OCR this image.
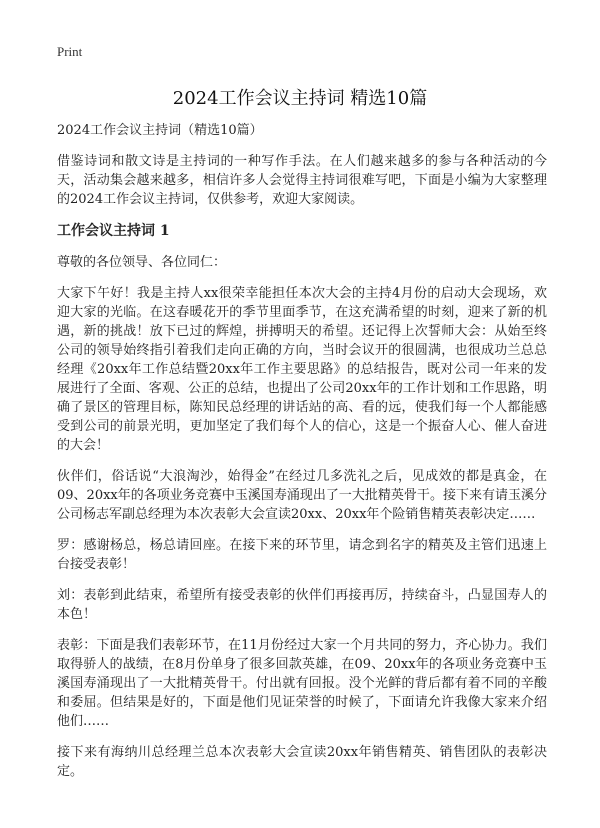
Print
2024工作会议主持词 精选10篇
2024工作会议主持词（精选10篇）

借鉴诗词和散文诗是主持词的一种写作手法。在人们越来越多的参与各种活动的今天，活动集会越来越多，相信许多人会觉得主持词很难写吧，下面是小编为大家整理的2024工作会议主持词，仅供参考，欢迎大家阅读。

工作会议主持词 1

尊敬的各位领导、各位同仁：

大家下午好！我是主持人xx很荣幸能担任本次大会的主持4月份的启动大会现场，欢迎大家的光临。在这春暖花开的季节里面季节，在这充满希望的时刻，迎来了新的机遇，新的挑战！放下已过的辉煌，拼搏明天的希望。还记得上次誓师大会：从始至终公司的领导始终指引着我们走向正确的方向，当时会议开的很圆满，也很成功兰总总经理《20xx年工作总结暨20xx年工作主要思路》的总结报告，既对公司一年来的发展进行了全面、客观、公正的总结，也提出了公司20xx年的工作计划和工作思路，明确了景区的管理目标，陈知民总经理的讲话站的高、看的远，使我们每一个人都能感受到公司的前景光明，更加坚定了我们每个人的信心，这是一个振奋人心、催人奋进的大会！

伙伴们，俗话说“大浪淘沙，始得金”在经过几多洗礼之后，见成效的都是真金，在09、20xx年的各项业务竞赛中玉溪国寿涌现出了一大批精英骨干。接下来有请玉溪分公司杨志军副总经理为本次表彰大会宣读20xx、20xx年个险销售精英表彰决定……

罗：感谢杨总，杨总请回座。在接下来的环节里，请念到名字的精英及主管们迅速上台接受表彰！

刘：表彰到此结束，希望所有接受表彰的伙伴们再接再厉，持续奋斗，凸显国寿人的本色！

表彰：下面是我们表彰环节，在11月份经过大家一个月共同的努力，齐心协力。我们取得骄人的战绩，在8月份单身了很多回款英雄，在09、20xx年的各项业务竞赛中玉溪国寿涌现出了一大批精英骨干。付出就有回报。没个光鲜的背后都有着不同的辛酸和委屈。但结果是好的，下面是他们见证荣誉的时候了，下面请允许我像大家来介绍他们……

接下来有海纳川总经理兰总本次表彰大会宣读20xx年销售精英、销售团队的表彰决定。
